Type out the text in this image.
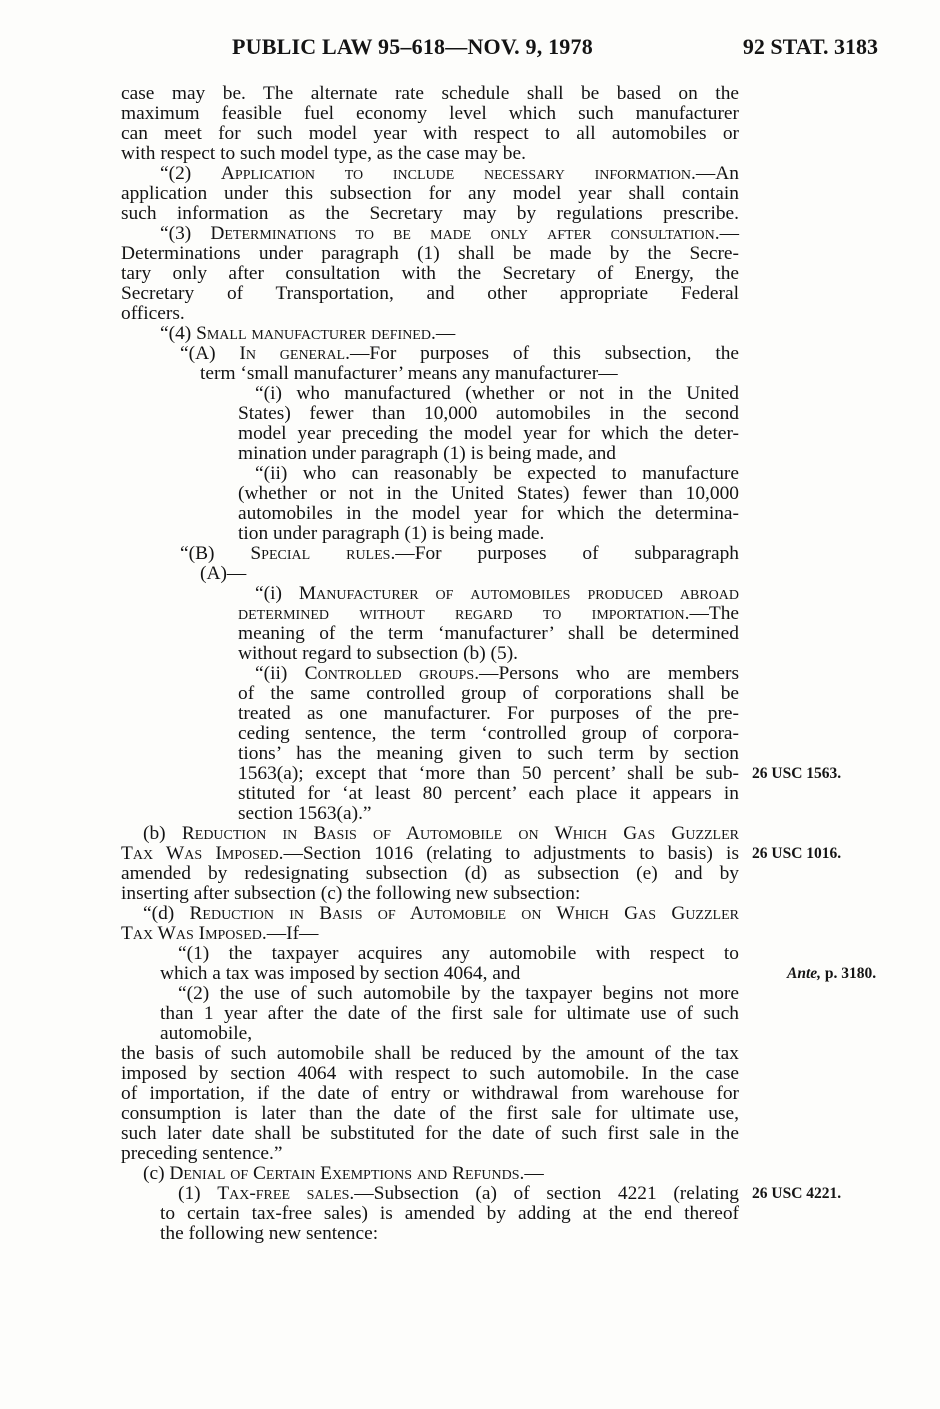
PUBLIC LAW 95–618—NOV. 9, 1978	92 STAT. 3183
case may be. The alternate rate schedule shall be based on the
maximum feasible fuel economy level which such manufacturer
can meet for such model year with respect to all automobiles or
with respect to such model type, as the case may be.
“(2) Application to include necessary information.—An
application under this subsection for any model year shall contain
such information as the Secretary may by regulations prescribe.
“(3) Determinations to be made only after consultation.—
Determinations under paragraph (1) shall be made by the Secre-
tary only after consultation with the Secretary of Energy, the
Secretary of Transportation, and other appropriate Federal
officers.
“(4) Small manufacturer defined.—
“(A) In general.—For purposes of this subsection, the
term ‘small manufacturer’ means any manufacturer—
“(i) who manufactured (whether or not in the United
States) fewer than 10,000 automobiles in the second
model year preceding the model year for which the deter-
mination under paragraph (1) is being made, and
“(ii) who can reasonably be expected to manufacture
(whether or not in the United States) fewer than 10,000
automobiles in the model year for which the determina-
tion under paragraph (1) is being made.
“(B) Special rules.—For purposes of subparagraph
(A)—
“(i) Manufacturer of automobiles produced abroad
determined without regard to importation.—The
meaning of the term ‘manufacturer’ shall be determined
without regard to subsection (b) (5).
“(ii) Controlled groups.—Persons who are members
of the same controlled group of corporations shall be
treated as one manufacturer. For purposes of the pre-
ceding sentence, the term ‘controlled group of corpora-
tions’ has the meaning given to such term by section
1563(a); except that ‘more than 50 percent’ shall be sub- 26 USC 1563.
stituted for ‘at least 80 percent’ each place it appears in
section 1563(a).”
(b) Reduction in Basis of Automobile on Which Gas Guzzler
Tax Was Imposed.—Section 1016 (relating to adjustments to basis) is 26 USC 1016.
amended by redesignating subsection (d) as subsection (e) and by
inserting after subsection (c) the following new subsection:
“(d) Reduction in Basis of Automobile on Which Gas Guzzler
Tax Was Imposed.—If—
“(1) the taxpayer acquires any automobile with respect to
which a tax was imposed by section 4064, and	Ante, p. 3180.
“(2) the use of such automobile by the taxpayer begins not more
than 1 year after the date of the first sale for ultimate use of such
automobile,
the basis of such automobile shall be reduced by the amount of the tax
imposed by section 4064 with respect to such automobile. In the case
of importation, if the date of entry or withdrawal from warehouse for
consumption is later than the date of the first sale for ultimate use,
such later date shall be substituted for the date of such first sale in the
preceding sentence.”
(c) Denial of Certain Exemptions and Refunds.—
(1) Tax-free sales.—Subsection (a) of section 4221 (relating 26 USC 4221.
to certain tax-free sales) is amended by adding at the end thereof
the following new sentence:
